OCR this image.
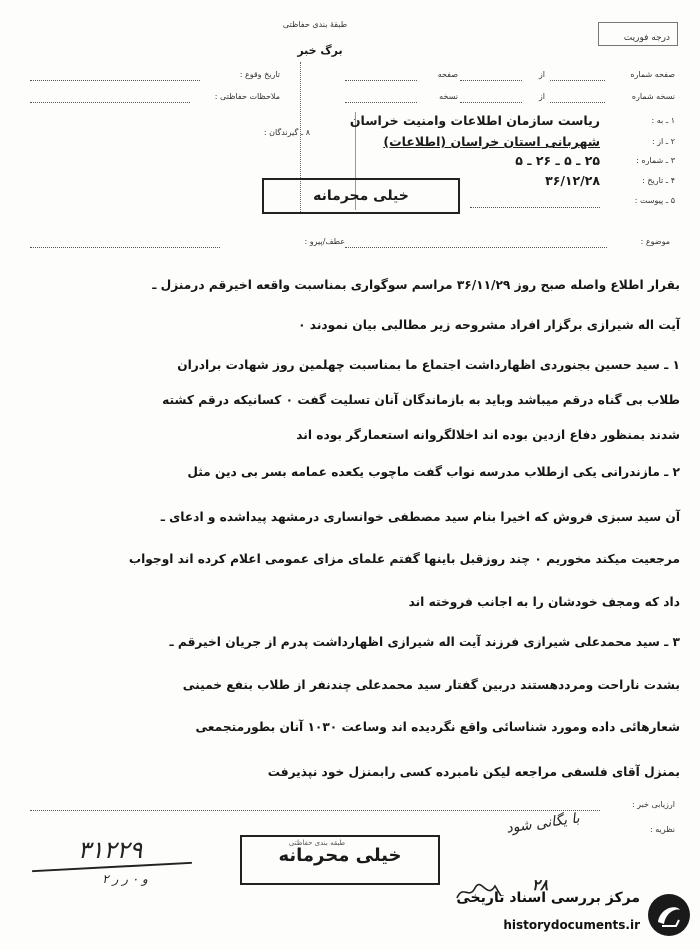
طبقهٔ بندی حفاظتی
برگ خبر
درجه فوریت
صفحه شماره
از
صفحه
نسخه شماره
از
نسخه
تاریخ وقوع :
ملاحظات حفاظتی :
۸ ـ گیرندگان :
۱ ـ به :
۲ ـ از :
۳ ـ شماره :
۴ ـ تاریخ :
۵ ـ پیوست :
ریاست سازمان اطلاعات وامنیت خراسان
شهربانی استان خراسان (اطلاعات)
۲۵ ـ ۵ ـ ۲۶ ـ ۵
۳۶/۱۲/۲۸
خیلی محرمانه
موضوع :
عطف/پیرو :
بقرار اطلاع واصله صبح روز ۳۶/۱۱/۲۹ مراسم سوگواری بمناسبت واقعه اخیرقم درمنزل ـ
آیت اله شیرازی برگزار افراد مشروحه زیر مطالبی بیان نمودند ۰
۱ ـ سید حسین بجنوردی اظهارداشت اجتماع ما بمناسبت چهلمین روز شهادت برادران
طلاب بی گناه درقم میباشد وباید به بازماندگان آنان تسلیت گفت ۰ کسانیکه درقم کشته
شدند بمنظور دفاع ازدین بوده اند اخلالگروانه استعمارگر بوده اند
۲ ـ مازندرانی یکی ازطلاب مدرسه نواب گفت ماچوب یکعده عمامه بسر بی دین مثل
آن سید سبزی فروش که اخیرا بنام سید مصطفی خوانساری درمشهد پیداشده و ادعای ـ
مرجعیت میکند مخوریم ۰ چند روزقبل باینها گفتم علمای مزای عمومی اعلام کرده اند اوجواب
داد که ومجف خودشان را به اجانب فروخته اند
۳ ـ سید محمدعلی شیرازی فرزند آیت اله شیرازی اظهارداشت پدرم از جریان اخیرقم ـ
بشدت ناراحت ومرددهستند دربین گفتار سید محمدعلی چندنفر از طلاب بنفع خمینی
شعارهائی داده ومورد شناسائی واقع نگردیده اند وساعت ۱۰۳۰ آنان بطورمتجمعی
بمنزل آقای فلسفی مراجعه لیکن نامبرده کسی رابمنزل خود نپذیرفت
ارزیابی خبر :
نظریه :
با یگانی شود
۳۱۲۲۹
و ۰ ر ر ۲
خیلی محرمانه
طبقه بندی حفاظتی
۲۸
مرکز بررسی اسناد تاریخی
historydocuments.ir
